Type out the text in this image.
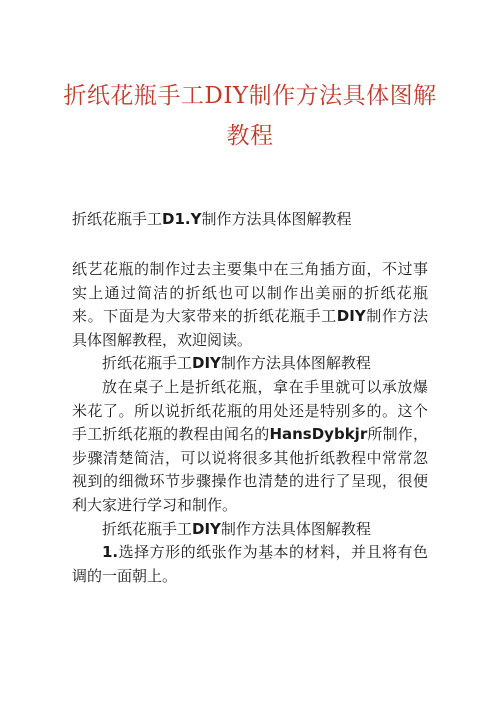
折纸花瓶手工DIY制作方法具体图解教程
折纸花瓶手工D1.Y制作方法具体图解教程

纸艺花瓶的制作过去主要集中在三角插方面，不过事实上通过简洁的折纸也可以制作出美丽的折纸花瓶来。下面是为大家带来的折纸花瓶手工DIY制作方法具体图解教程，欢迎阅读。

折纸花瓶手工DIY制作方法具体图解教程

放在桌子上是折纸花瓶，拿在手里就可以承放爆米花了。所以说折纸花瓶的用处还是特别多的。这个手工折纸花瓶的教程由闻名的HansDybkjr所制作，步骤清楚简洁，可以说将很多其他折纸教程中常常忽视到的细微环节步骤操作也清楚的进行了呈现，很便利大家进行学习和制作。

折纸花瓶手工DIY制作方法具体图解教程

1.选择方形的纸张作为基本的材料，并且将有色调的一面朝上。
